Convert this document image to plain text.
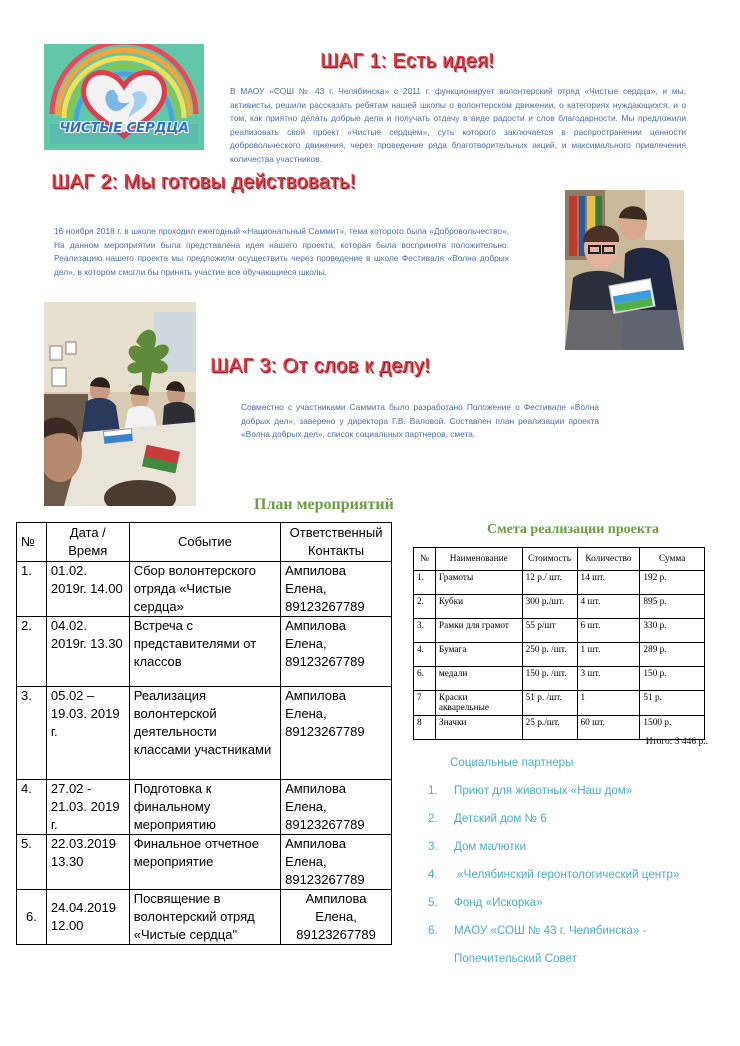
ЧИСТЫЕ СЕРДЦА
ШАГ 1: Есть идея!
В МАОУ «СОШ № 43 г. Челябинска» с 2011 г. функционирует волонтерский отряд «Чистые сердца», и мы, активисты, решили рассказать ребятам нашей школы о волонтерском движении, о категориях нуждающихся, и о том, как приятно делать добрые дела и получать отдачу в виде радости и слов благодарности. Мы предложили реализовать свой проект «Чистые сердцем», суть которого заключается в распространении ценности добровольческого движения, через проведение ряда благотворительных акций, и максимального привлечения количества участников.
ШАГ 2: Мы готовы действовать!
16 ноября 2018 г. в школе проходил ежегодный «Национальный Саммит», тема которого была «Добровольчество». На данном мероприятии была представлена идея нашего проекта, которая была воспринята положительно. Реализацию нашего проекта мы предложили осуществить через проведение в школе Фестиваля «Волна добрых дел», в котором смогли бы принять участие все обучающиеся школы.
ШАГ 3: От слов к делу!
Совместно с участниками Саммита было разработано Положение о Фестивале «Волна добрых дел», заверено у директора Г.В. Валовой. Составлен план реализации проекта «Волна добрых дел», список социальных партнеров, смета.
План мероприятий
№	Дата / Время	Событие	Ответственный Контакты
1.	01.02. 2019г. 14.00	Сбор волонтерского отряда «Чистые сердца»	Ампилова Елена, 89123267789
2.	04.02. 2019г. 13.30	Встреча с представителями от классов	Ампилова Елена, 89123267789
3.	05.02 – 19.03. 2019 г.	Реализация волонтерской деятельности классами участниками	Ампилова Елена, 89123267789
4.	27.02 - 21.03. 2019 г.	Подготовка к финальному мероприятию	Ампилова Елена, 89123267789
5.	22.03.2019 13.30	Финальное отчетное мероприятие	Ампилова Елена, 89123267789
6.	24.04.2019 12.00	Посвящение в волонтерский отряд «Чистые сердца"	Ампилова Елена, 89123267789
Смета реализации проекта
№	Наименование	Стоимость	Количество	Сумма
1.	Грамоты	12 р./ шт.	14 шт.	192 р.
2.	Кубки	300 р./шт.	4 шт.	895 р.
3.	Рамки для грамот	55 р/шт	6 шт.	330 р.
4.	Бумага	250 р. /шт.	1 шт.	289 р.
6.	медали	150 р. /шт.	3 шт.	150 р.
7	Краски акварельные	51 р. /шт.	1	51 р.
8	Значки	25 р./шт.	60 шт.	1500 р.
Итого: 3 446 р..
Социальные партнеры
1. Приют для животных «Наш дом»
2. Детский дом № 6
3. Дом малютки
4. «Челябинский геронтологический центр»
5. Фонд «Искорка»
6. МАОУ «СОШ № 43 г. Челябинска» -
Попечительский Совет
